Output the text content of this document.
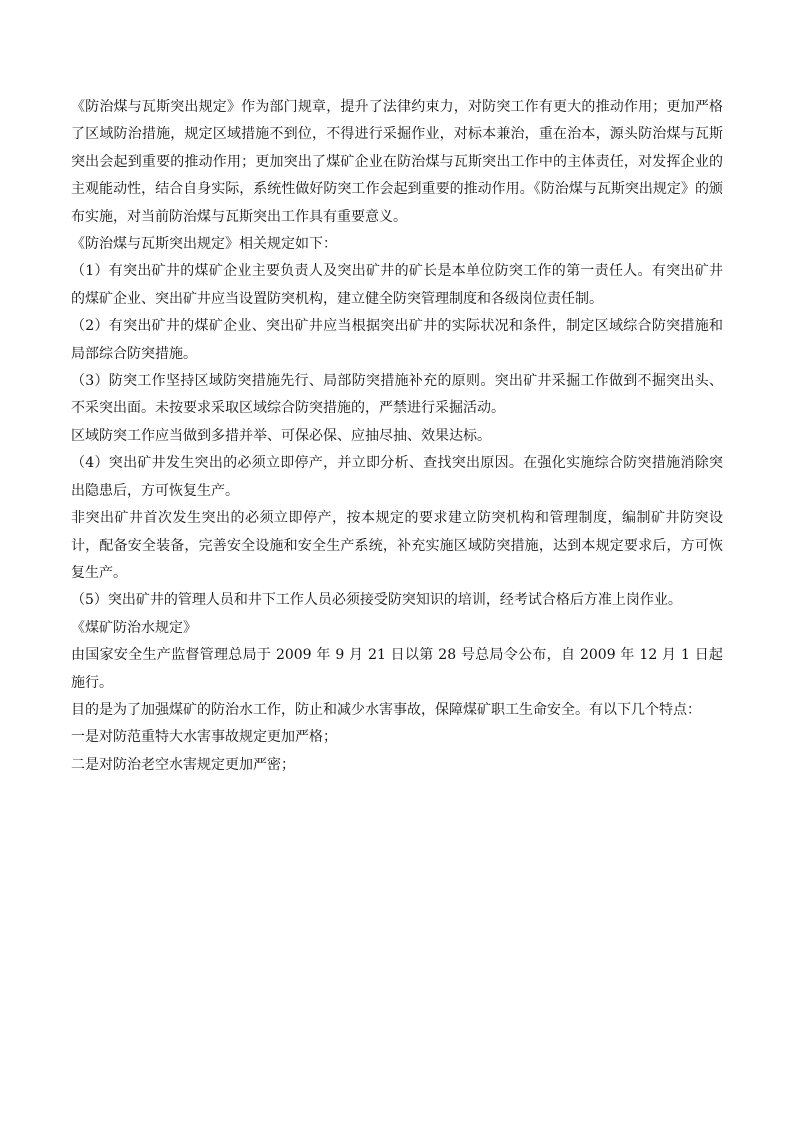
《防治煤与瓦斯突出规定》作为部门规章，提升了法律约束力，对防突工作有更大的推动作用；更加严格了区域防治措施，规定区域措施不到位，不得进行采掘作业，对标本兼治，重在治本，源头防治煤与瓦斯突出会起到重要的推动作用；更加突出了煤矿企业在防治煤与瓦斯突出工作中的主体责任，对发挥企业的主观能动性，结合自身实际，系统性做好防突工作会起到重要的推动作用。《防治煤与瓦斯突出规定》的颁布实施，对当前防治煤与瓦斯突出工作具有重要意义。

《防治煤与瓦斯突出规定》相关规定如下：

（1）有突出矿井的煤矿企业主要负责人及突出矿井的矿长是本单位防突工作的第一责任人。有突出矿井的煤矿企业、突出矿井应当设置防突机构，建立健全防突管理制度和各级岗位责任制。

（2）有突出矿井的煤矿企业、突出矿井应当根据突出矿井的实际状况和条件，制定区域综合防突措施和局部综合防突措施。

（3）防突工作坚持区域防突措施先行、局部防突措施补充的原则。突出矿井采掘工作做到不掘突出头、不采突出面。未按要求采取区域综合防突措施的，严禁进行采掘活动。

区域防突工作应当做到多措并举、可保必保、应抽尽抽、效果达标。

（4）突出矿井发生突出的必须立即停产，并立即分析、查找突出原因。在强化实施综合防突措施消除突出隐患后，方可恢复生产。

非突出矿井首次发生突出的必须立即停产，按本规定的要求建立防突机构和管理制度，编制矿井防突设计，配备安全装备，完善安全设施和安全生产系统，补充实施区域防突措施，达到本规定要求后，方可恢复生产。

（5）突出矿井的管理人员和井下工作人员必须接受防突知识的培训，经考试合格后方准上岗作业。

《煤矿防治水规定》

由国家安全生产监督管理总局于 2009 年 9 月 21 日以第 28 号总局令公布，自 2009 年 12 月 1 日起施行。

目的是为了加强煤矿的防治水工作，防止和减少水害事故，保障煤矿职工生命安全。有以下几个特点：

一是对防范重特大水害事故规定更加严格；

二是对防治老空水害规定更加严密；
